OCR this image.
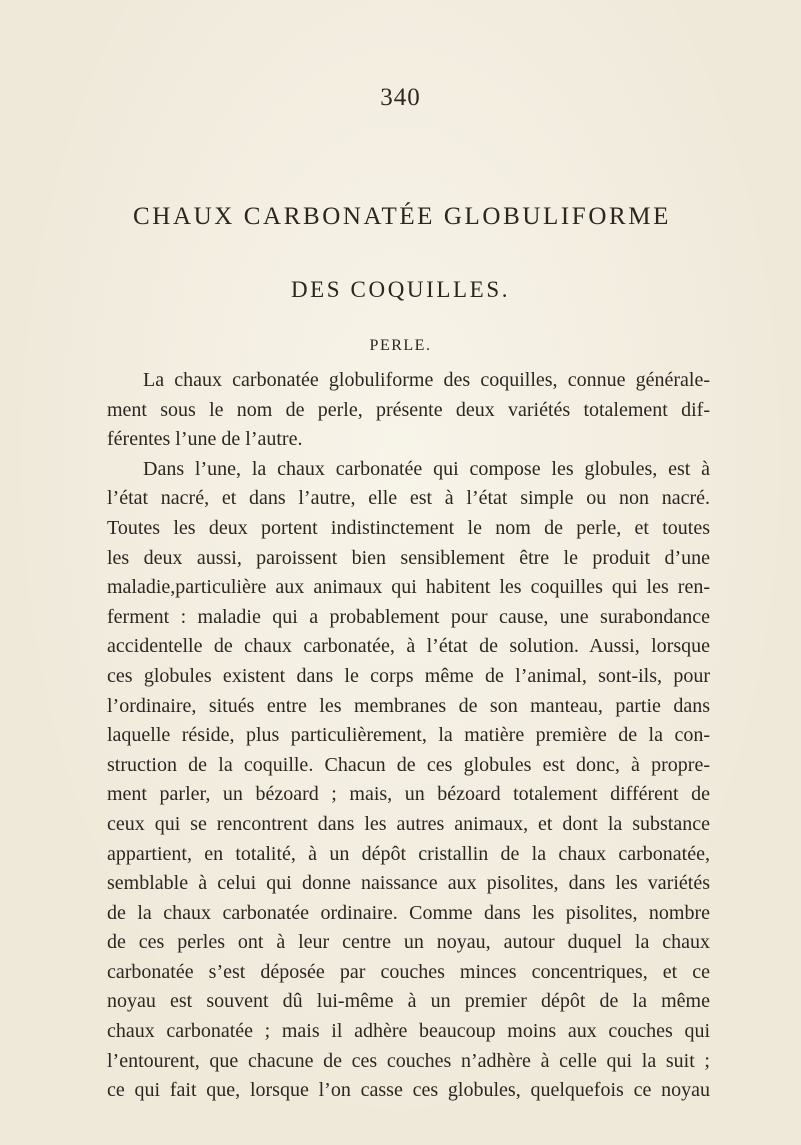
340
CHAUX CARBONATÉE GLOBULIFORME
DES COQUILLES.
PERLE.
La chaux carbonatée globuliforme des coquilles, connue générale-
ment sous le nom de perle, présente deux variétés totalement dif-
férentes l’une de l’autre.
Dans l’une, la chaux carbonatée qui compose les globules, est à
l’état nacré, et dans l’autre, elle est à l’état simple ou non nacré.
Toutes les deux portent indistinctement le nom de perle, et toutes
les deux aussi, paroissent bien sensiblement être le produit d’une
maladie,particulière aux animaux qui habitent les coquilles qui les ren-
ferment : maladie qui a probablement pour cause, une surabondance
accidentelle de chaux carbonatée, à l’état de solution. Aussi, lorsque
ces globules existent dans le corps même de l’animal, sont-ils, pour
l’ordinaire, situés entre les membranes de son manteau, partie dans
laquelle réside, plus particulièrement, la matière première de la con-
struction de la coquille. Chacun de ces globules est donc, à propre-
ment parler, un bézoard ; mais, un bézoard totalement différent de
ceux qui se rencontrent dans les autres animaux, et dont la substance
appartient, en totalité, à un dépôt cristallin de la chaux carbonatée,
semblable à celui qui donne naissance aux pisolites, dans les variétés
de la chaux carbonatée ordinaire. Comme dans les pisolites, nombre
de ces perles ont à leur centre un noyau, autour duquel la chaux
carbonatée s’est déposée par couches minces concentriques, et ce
noyau est souvent dû lui-même à un premier dépôt de la même
chaux carbonatée ; mais il adhère beaucoup moins aux couches qui
l’entourent, que chacune de ces couches n’adhère à celle qui la suit ;
ce qui fait que, lorsque l’on casse ces globules, quelquefois ce noyau
